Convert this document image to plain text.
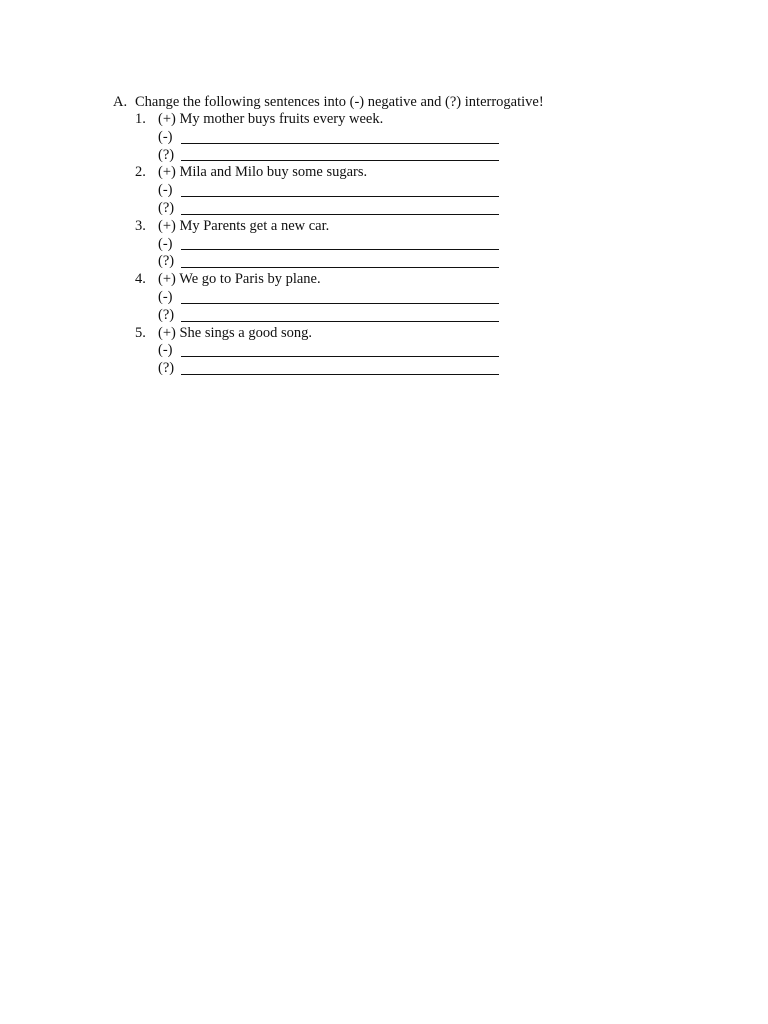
A. Change the following sentences into (-) negative and (?) interrogative!
1. (+) My mother buys fruits every week.
(-)
(?)
2. (+) Mila and Milo buy some sugars.
(-)
(?)
3. (+) My Parents get a new car.
(-)
(?)
4. (+) We go to Paris by plane.
(-)
(?)
5. (+) She sings a good song.
(-)
(?)
